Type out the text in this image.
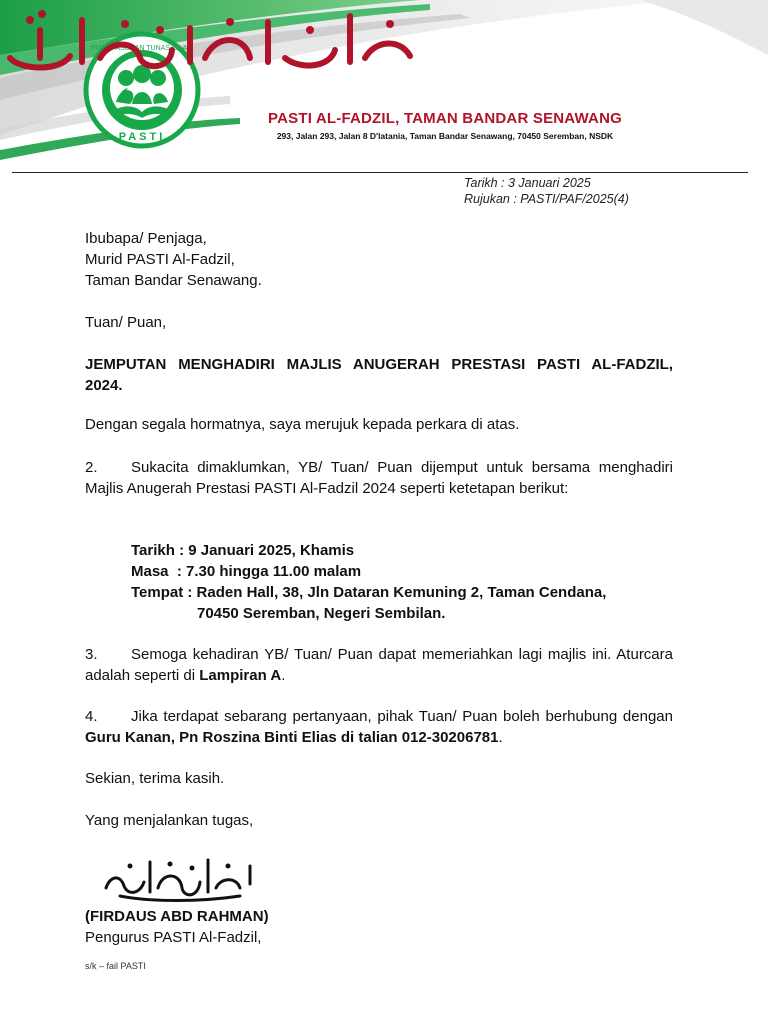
PUSAT ASUHAN TUNAS ISLAM
PASTI
PASTI AL-FADZIL, TAMAN BANDAR SENAWANG
293, Jalan 293, Jalan 8 D'latania, Taman Bandar Senawang, 70450 Seremban, NSDK
Tarikh : 3 Januari 2025
Rujukan : PASTI/PAF/2025(4)
Ibubapa/ Penjaga,
Murid PASTI Al-Fadzil,
Taman Bandar Senawang.
Tuan/ Puan,
JEMPUTAN MENGHADIRI MAJLIS ANUGERAH PRESTASI PASTI AL-FADZIL,
2024.
Dengan segala hormatnya, saya merujuk kepada perkara di atas.
2. Sukacita dimaklumkan, YB/ Tuan/ Puan dijemput untuk bersama menghadiri Majlis Anugerah Prestasi PASTI Al-Fadzil 2024 seperti ketetapan berikut:
Tarikh : 9 Januari 2025, Khamis
Masa  : 7.30 hingga 11.00 malam
Tempat : Raden Hall, 38, Jln Dataran Kemuning 2, Taman Cendana,
70450 Seremban, Negeri Sembilan.
3. Semoga kehadiran YB/ Tuan/ Puan dapat memeriahkan lagi majlis ini. Aturcara adalah seperti di Lampiran A.
4. Jika terdapat sebarang pertanyaan, pihak Tuan/ Puan boleh berhubung dengan Guru Kanan, Pn Roszina Binti Elias di talian 012-30206781.
Sekian, terima kasih.
Yang menjalankan tugas,
(FIRDAUS ABD RAHMAN)
Pengurus PASTI Al-Fadzil,
s/k – fail PASTI
